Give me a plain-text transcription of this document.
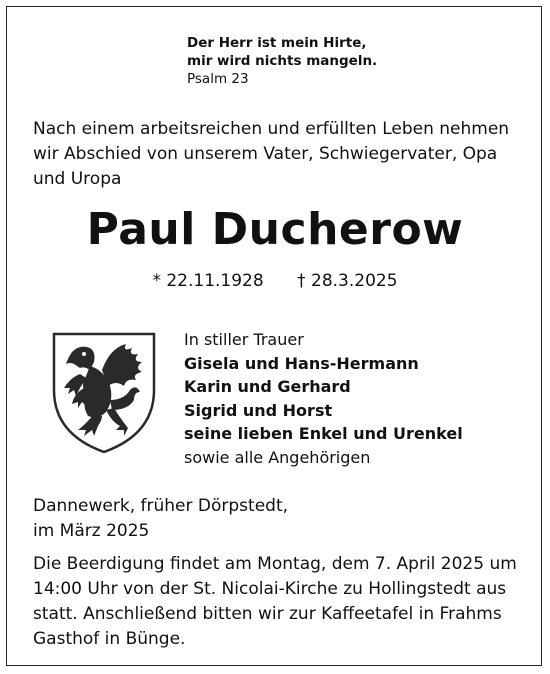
Der Herr ist mein Hirte,
mir wird nichts mangeln.
Psalm 23
Nach einem arbeitsreichen und erfüllten Leben nehmen
wir Abschied von unserem Vater, Schwiegervater, Opa
und Uropa
Paul Ducherow
* 22.11.1928 † 28.3.2025
In stiller Trauer
Gisela und Hans-Hermann
Karin und Gerhard
Sigrid und Horst
seine lieben Enkel und Urenkel
sowie alle Angehörigen
Dannewerk, früher Dörpstedt,
im März 2025
Die Beerdigung findet am Montag, dem 7. April 2025 um
14:00 Uhr von der St. Nicolai-Kirche zu Hollingstedt aus
statt. Anschließend bitten wir zur Kaffeetafel in Frahms
Gasthof in Bünge.
